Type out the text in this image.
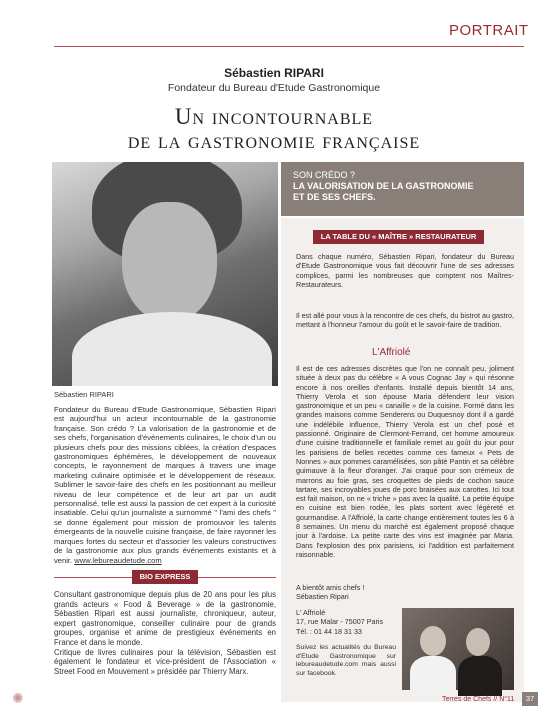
PORTRAIT
Sébastien RIPARI
Fondateur du Bureau d'Etude Gastronomique
Un incontournable
de la gastronomie française
Sébastien RIPARI

SON CRÉDO ?

LA VALORISATION DE LA GASTRONOMIE

ET DE SES CHEFS.

LA TABLE DU « MAÎTRE » RESTAURATEUR
Dans chaque numéro, Sébastien Ripari, fondateur du Bureau d'Etude Gastronomique vous fait découvrir l'une de ses adresses complices, parmi les nombreuses que comptent nos Maîtres-Restaurateurs.
Il est allé pour vous à la rencontre de ces chefs, du bistrot au gastro, mettant à l'honneur l'amour du goût et le savoir-faire de tradition.
L'Affriolé
Il est de ces adresses discrètes que l'on ne connaît peu, joliment située à deux pas du célèbre « A vous Cognac Jay » qui résonne encore à nos oreilles d'enfants. Installé depuis bientôt 14 ans, Thierry Verola et son épouse Maria défendent leur vision gastronomique et un peu « canaille » de la cuisine. Formé dans les grandes maisons comme Senderens ou Duquesnoy dont il a gardé une indélébile influence, Thierry Verola est un chef posé et passionné. Originaire de Clermont-Ferrand, cet homme amoureux d'une cuisine traditionnelle et familiale remet au goût du jour pour les parisiens de belles recettes comme ces fameux « Pets de Nonnes » aux pommes caramélisées, son pâté Pantin et sa célèbre guimauve à la fleur d'oranger. J'ai craqué pour son crémeux de marrons au foie gras, ses croquettes de pieds de cochon sauce tartare, ses incroyables joues de porc braisées aux carottes. Ici tout est fait maison, on ne « triche » pas avec la qualité. La petite équipe en cuisine est bien rodée, les plats sortent avec légèreté et gourmandise. A l'Affriolé, la carte change entièrement toutes les 6 à 8 semaines. Un menu du marché est également proposé chaque jour à l'ardoise. La petite carte des vins est imaginée par Maria. Dans l'explosion des prix parisiens, ici l'addition est parfaitement raisonnable.
A bientôt amis chefs !
Sébastien Ripari
L' Affriolé
17, rue Malar - 75007 Paris
Tél. : 01 44 18 31 33
Suivez les actualités du Bureau d'Etude Gastronomique sur lebureaudetude.com mais aussi sur facebook.
Fondateur du Bureau d'Etude Gastronomique, Sébastien Ripari est aujourd'hui un acteur incontournable de la gastronomie française. Son crédo ? La valorisation de la gastronomie et de ses chefs, l'organisation d'événements culinaires, le choix d'un ou plusieurs chefs pour des missions ciblées, la création d'espaces gastronomiques éphémères, le développement de nouveaux concepts, le rayonnement de marques à travers une image marketing culinaire optimisée et le développement de réseaux. Sublimer le savoir-faire des chefs en les positionnant au meilleur niveau de leur compétence et de leur art par un audit personnalisé, telle est aussi la passion de cet expert à la curiosité insatiable. Celui qu'un journaliste a surnommé " l'ami des chefs " se donne également pour mission de promouvoir les talents émergeants de la nouvelle cuisine française, de faire rayonner les marques fortes du secteur et d'associer les valeurs constructives de la gastronomie aux plus grands événements existants et à venir. www.lebureaudetude.com
BIO EXPRESS
Consultant gastronomique depuis plus de 20 ans pour les plus grands acteurs « Food & Beverage » de la gastronomie, Sébastien Ripari est aussi journaliste, chroniqueur, auteur, expert gastronomique, conseiller culinaire pour de grands groupes, organise et anime de prestigieux événements en France et dans le monde.
Critique de livres culinaires pour la télévision, Sébastien est également le fondateur et vice-président de l'Association « Street Food en Mouvement » présidée par Thierry Marx.
✺	Terres de Chefs // N°11	37
